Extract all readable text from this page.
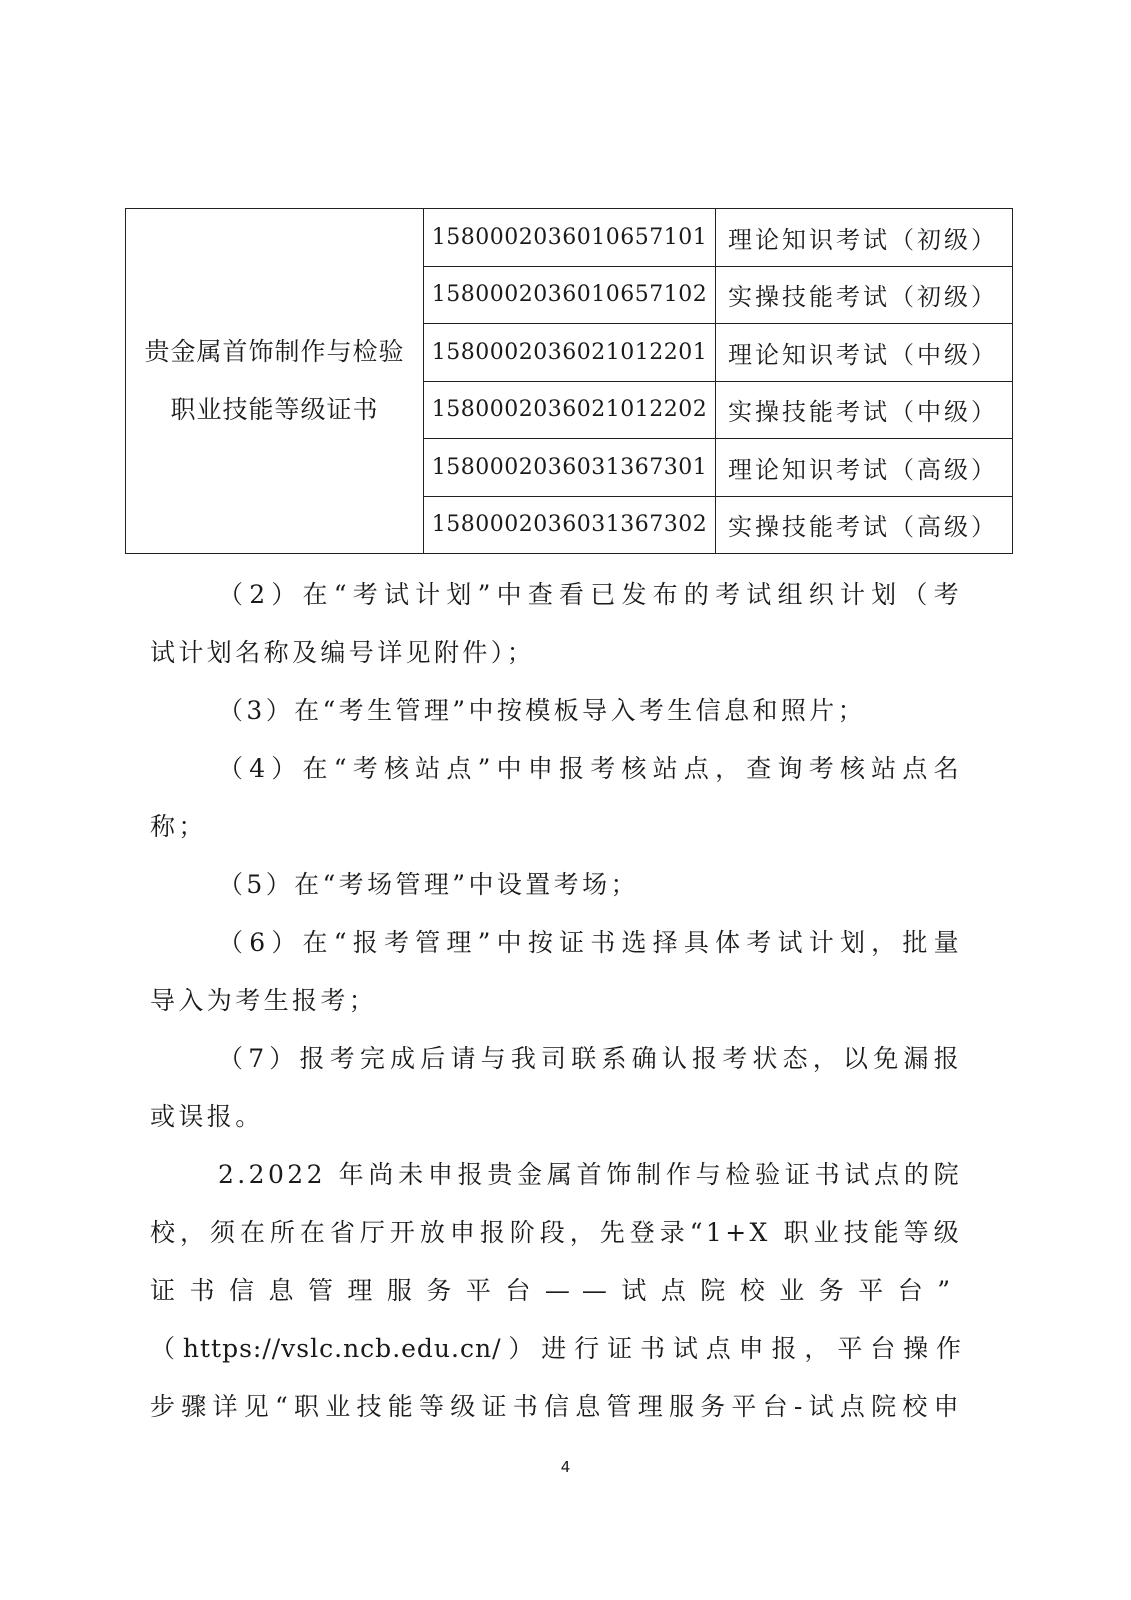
贵金属首饰制作与检验
职业技能等级证书	1580002036010657101	理论知识考试（初级）
	1580002036010657102	实操技能考试（初级）
	1580002036021012201	理论知识考试（中级）
	1580002036021012202	实操技能考试（中级）
	1580002036031367301	理论知识考试（高级）
	1580002036031367302	实操技能考试（高级）

（2）在“考试计划”中查看已发布的考试组织计划（考
试计划名称及编号详见附件）；

（3）在“考生管理”中按模板导入考生信息和照片；

（4）在“考核站点”中申报考核站点，查询考核站点名
称；

（5）在“考场管理”中设置考场；

（6）在“报考管理”中按证书选择具体考试计划，批量
导入为考生报考；

（7）报考完成后请与我司联系确认报考状态，以免漏报
或误报。

2.2022 年尚未申报贵金属首饰制作与检验证书试点的院
校，须在所在省厅开放申报阶段，先登录“1+X 职业技能等级
证书信息管理服务平台——试点院校业务平台”
（https://vslc.ncb.edu.cn/）进行证书试点申报，平台操作
步骤详见“职业技能等级证书信息管理服务平台-试点院校申

4
